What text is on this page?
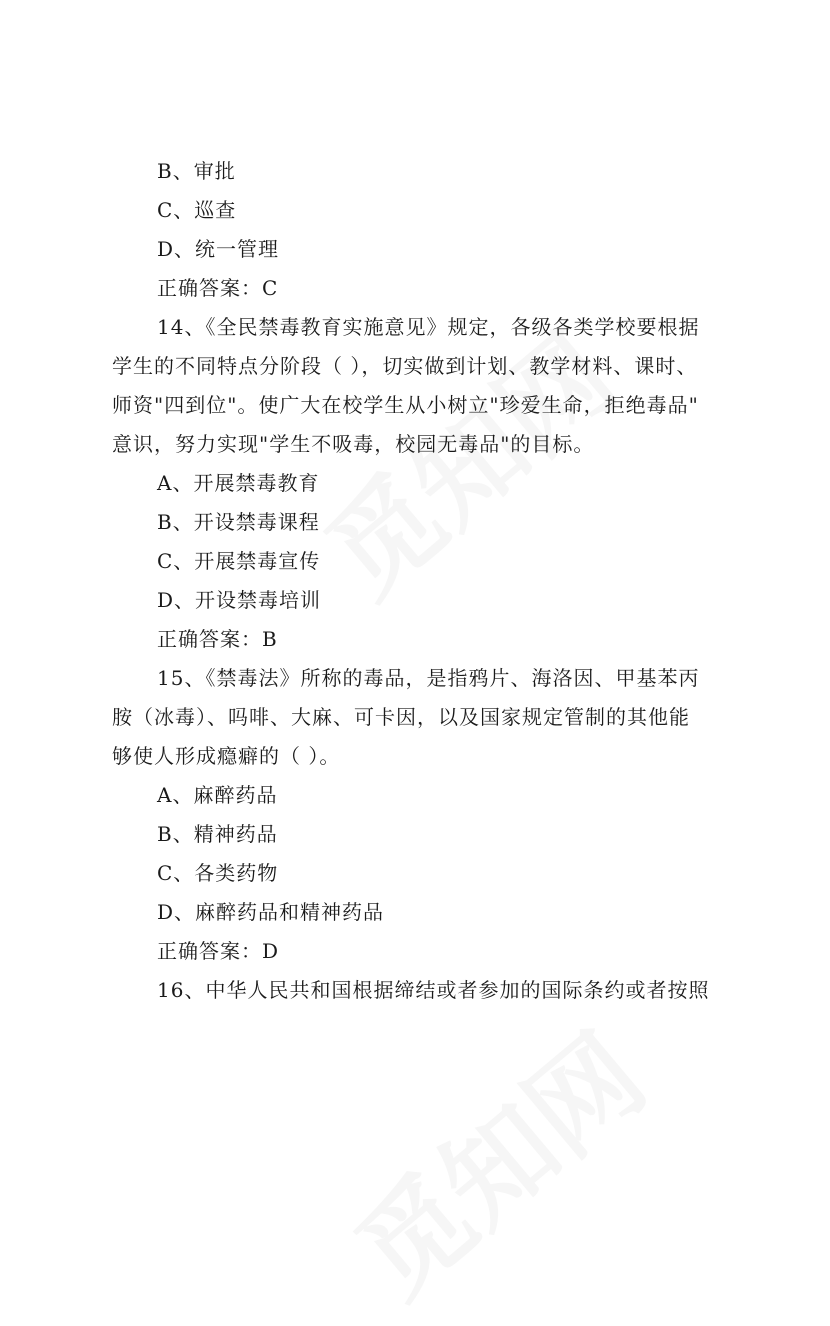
B、审批
C、巡查
D、统一管理
正确答案：C
14、《全民禁毒教育实施意见》规定，各级各类学校要根据
学生的不同特点分阶段（ ），切实做到计划、教学材料、课时、
师资"四到位"。使广大在校学生从小树立"珍爱生命，拒绝毒品"
意识，努力实现"学生不吸毒，校园无毒品"的目标。
A、开展禁毒教育
B、开设禁毒课程
C、开展禁毒宣传
D、开设禁毒培训
正确答案：B
15、《禁毒法》所称的毒品，是指鸦片、海洛因、甲基苯丙
胺（冰毒）、吗啡、大麻、可卡因，以及国家规定管制的其他能
够使人形成瘾癖的（ ）。
A、麻醉药品
B、精神药品
C、各类药物
D、麻醉药品和精神药品
正确答案：D
16、中华人民共和国根据缔结或者参加的国际条约或者按照
